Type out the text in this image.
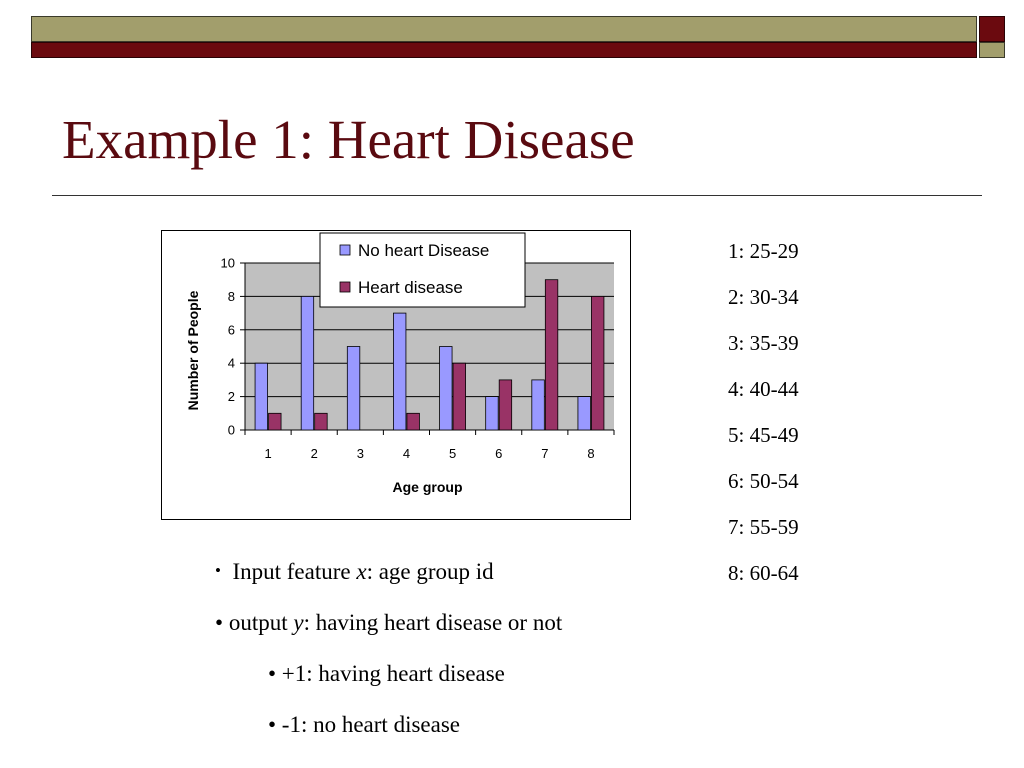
Example 1: Heart Disease
0
2
4
6
8
10
1	2	3	4	5	6	7	8
Age group
Number of People
No heart Disease
Heart disease
1: 25-29
2: 30-34
3: 35-39
4: 40-44
5: 45-49
6: 50-54
7: 55-59
8: 60-64
• Input feature x: age group id
• output y: having heart disease or not
• +1: having heart disease
• -1: no heart disease
